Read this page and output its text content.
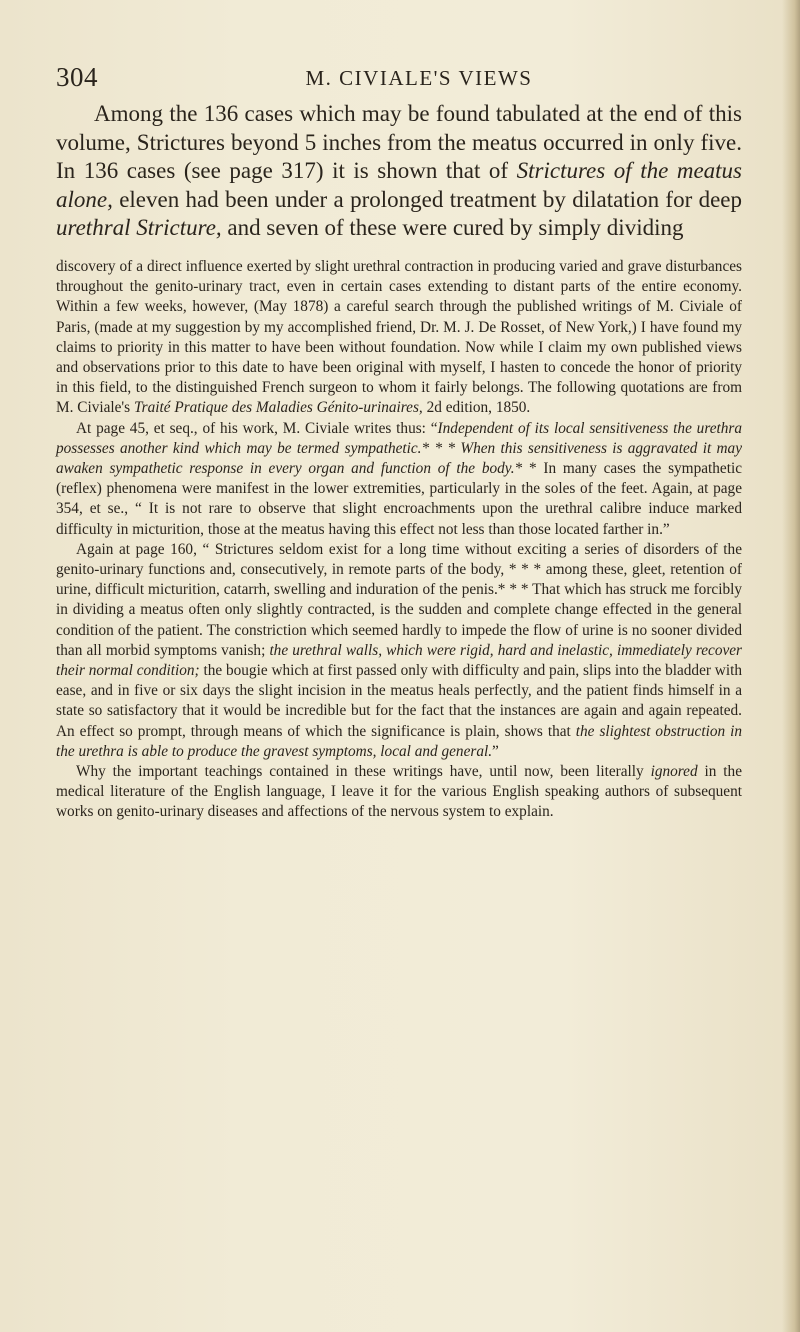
304	M. CIVIALE'S VIEWS

Among the 136 cases which may be found tabulated at the end of this volume, Strictures beyond 5 inches from the meatus occurred in only five. In 136 cases (see page 317) it is shown that of Strictures of the meatus alone, eleven had been under a prolonged treatment by dilatation for deep urethral Stricture, and seven of these were cured by simply dividing

discovery of a direct influence exerted by slight urethral contraction in producing varied and grave disturbances throughout the genito-urinary tract, even in certain cases extending to distant parts of the entire economy. Within a few weeks, however, (May 1878) a careful search through the published writings of M. Civiale of Paris, (made at my suggestion by my accomplished friend, Dr. M. J. De Rosset, of New York,) I have found my claims to priority in this matter to have been without foundation. Now while I claim my own published views and observations prior to this date to have been original with myself, I hasten to concede the honor of priority in this field, to the distinguished French surgeon to whom it fairly belongs. The following quotations are from M. Civiale's Traité Pratique des Maladies Génito-urinaires, 2d edition, 1850.

At page 45, et seq., of his work, M. Civiale writes thus: “Independent of its local sensitiveness the urethra possesses another kind which may be termed sympathetic.* * * When this sensitiveness is aggravated it may awaken sympathetic response in every organ and function of the body.* * In many cases the sympathetic (reflex) phenomena were manifest in the lower extremities, particularly in the soles of the feet. Again, at page 354, et se., “ It is not rare to observe that slight encroachments upon the urethral calibre induce marked difficulty in micturition, those at the meatus having this effect not less than those located farther in.”

Again at page 160, “ Strictures seldom exist for a long time without exciting a series of disorders of the genito-urinary functions and, consecutively, in remote parts of the body, * * * among these, gleet, retention of urine, difficult micturition, catarrh, swelling and induration of the penis.* * * That which has struck me forcibly in dividing a meatus often only slightly contracted, is the sudden and complete change effected in the general condition of the patient. The constriction which seemed hardly to impede the flow of urine is no sooner divided than all morbid symptoms vanish; the urethral walls, which were rigid, hard and inelastic, immediately recover their normal condition; the bougie which at first passed only with difficulty and pain, slips into the bladder with ease, and in five or six days the slight incision in the meatus heals perfectly, and the patient finds himself in a state so satisfactory that it would be incredible but for the fact that the instances are again and again repeated. An effect so prompt, through means of which the significance is plain, shows that the slightest obstruction in the urethra is able to produce the gravest symptoms, local and general.”

Why the important teachings contained in these writings have, until now, been literally ignored in the medical literature of the English language, I leave it for the various English speaking authors of subsequent works on genito-urinary diseases and affections of the nervous system to explain.
